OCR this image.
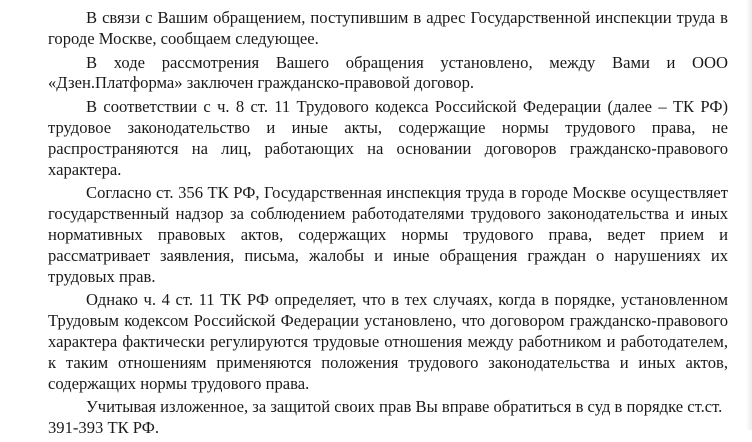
В связи с Вашим обращением, поступившим в адрес Государственной инспекции труда в городе Москве, сообщаем следующее.

В ходе рассмотрения Вашего обращения установлено, между Вами и ООО «Дзен.Платформа» заключен гражданско-правовой договор.

В соответствии с ч. 8 ст. 11 Трудового кодекса Российской Федерации (далее – ТК РФ) трудовое законодательство и иные акты, содержащие нормы трудового права, не распространяются на лиц, работающих на основании договоров гражданско-правового характера.

Согласно ст. 356 ТК РФ, Государственная инспекция труда в городе Москве осуществляет государственный надзор за соблюдением работодателями трудового законодательства и иных нормативных правовых актов, содержащих нормы трудового права, ведет прием и рассматривает заявления, письма, жалобы и иные обращения граждан о нарушениях их трудовых прав.

Однако ч. 4 ст. 11 ТК РФ определяет, что в тех случаях, когда в порядке, установленном Трудовым кодексом Российской Федерации установлено, что договором гражданско-правового характера фактически регулируются трудовые отношения между работником и работодателем, к таким отношениям применяются положения трудового законодательства и иных актов, содержащих нормы трудового права.

Учитывая изложенное, за защитой своих прав Вы вправе обратиться в суд в порядке ст.ст. 391-393 ТК РФ.
